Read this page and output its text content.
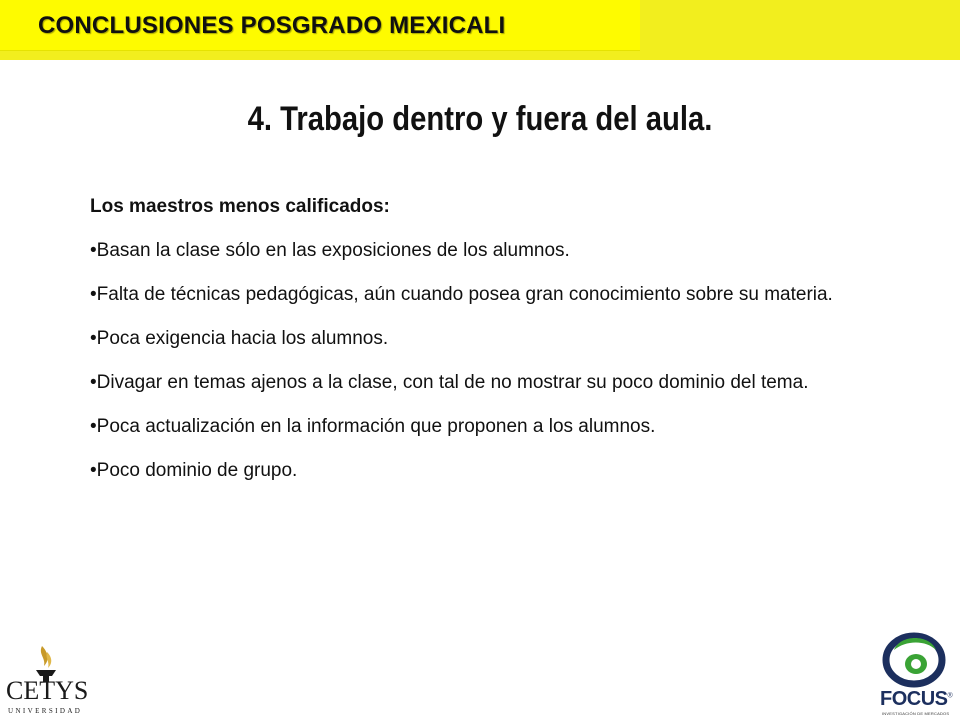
CONCLUSIONES POSGRADO MEXICALI
4. Trabajo dentro y fuera del aula.

Los maestros menos calificados:

•Basan la clase sólo en las exposiciones de los alumnos.

•Falta de técnicas pedagógicas, aún cuando posea gran conocimiento sobre su materia.

•Poca exigencia hacia los alumnos.

•Divagar en temas ajenos a la clase, con tal de no mostrar su poco dominio del tema.

•Poca actualización en la información que proponen a los alumnos.

•Poco dominio de grupo.

CETYS
UNIVERSIDAD
FOCUS®
INVESTIGACIÓN DE MERCADOS
